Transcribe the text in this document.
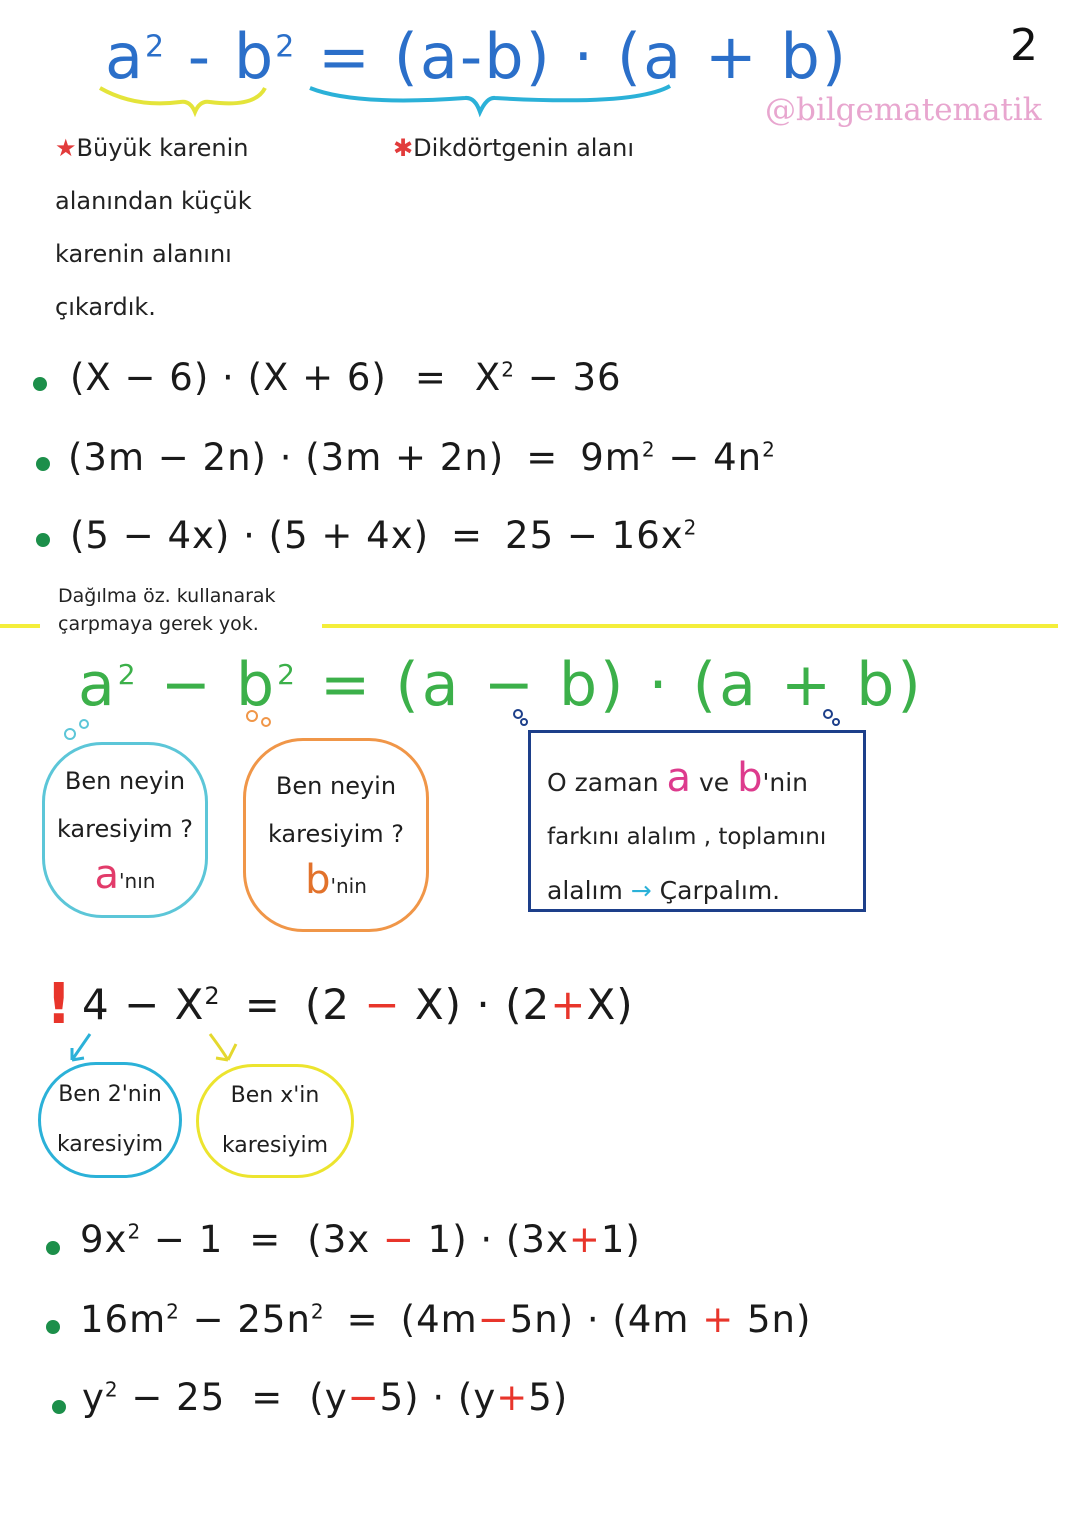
$a^2 - b^2 = (a-b) \cdot (a + b)$	2
@bilgematematik
★Büyük karenin
alanından küçük
karenin alanını
çıkardık.
✱Dikdörtgenin alanı
$(X - 6) \cdot (X + 6) = X^2 - 36$
$(3m - 2n) \cdot (3m + 2n) = 9m^2 - 4n^2$
$(5 - 4x) \cdot (5 + 4x) = 25 - 16x^2$
Dağılma öz. kullanarak
çarpmaya gerek yok.
$a^2 - b^2 = (a - b) \cdot (a + b)$
Ben neyin
karesiyim ?
a'nın
Ben neyin
karesiyim ?
b'nin
O zaman a ve b'nin
farkını alalım , toplamını
alalım → Çarpalım.
! $4 - X^2 = (2 - X) \cdot (2+X)$
Ben 2'nin
karesiyim
Ben x'in
karesiyim
$9x^2 - 1 = (3x - 1) \cdot (3x+1)$
$16m^2 - 25n^2 = (4m-5n) \cdot (4m + 5n)$
$y^2 - 25 = (y-5) \cdot (y+5)$
